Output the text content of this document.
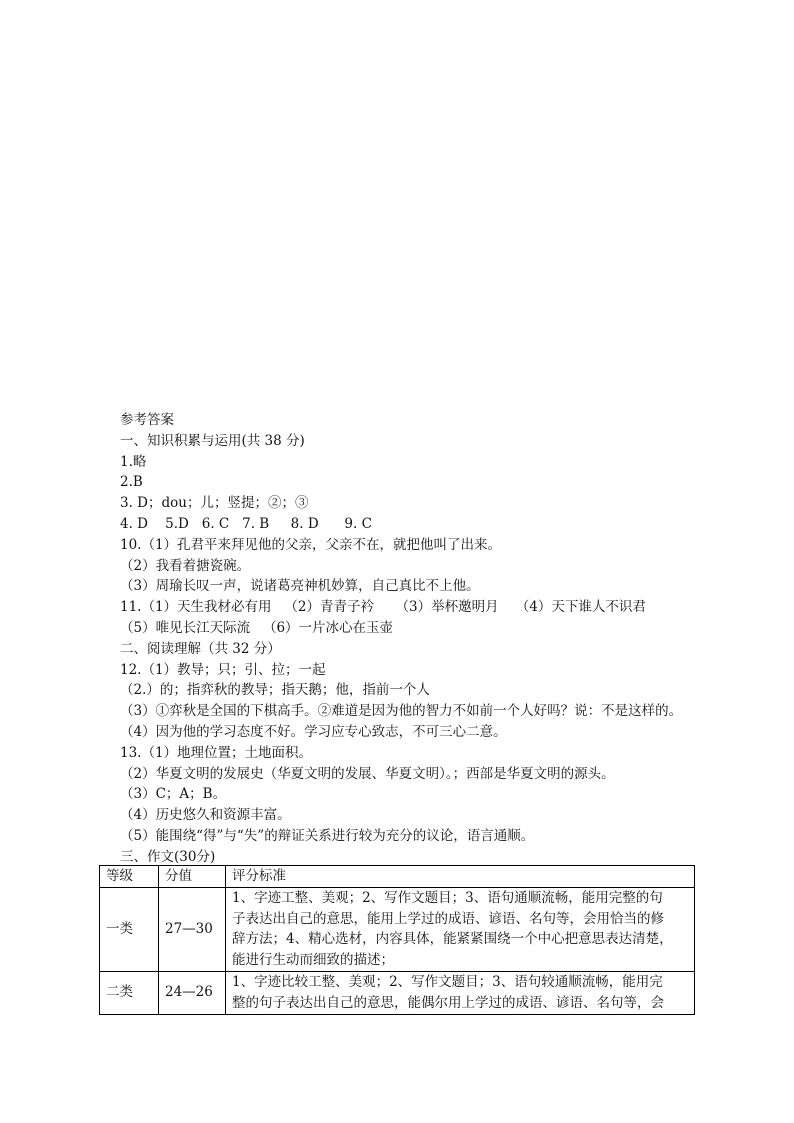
参考答案
一、知识积累与运用(共 38 分)
1.略
2.B
3. D；dou；儿；竖提；②；③
4. D    5.D   6. C   7. B     8. D      9. C
10.（1）孔君平来拜见他的父亲，父亲不在，就把他叫了出来。
（2）我看着搪瓷碗。
（3）周瑜长叹一声，说诸葛亮神机妙算，自己真比不上他。
11.（1）天生我材必有用   （2）青青子衿     （3）举杯邀明月    （4）天下谁人不识君
（5）唯见长江天际流   （6）一片冰心在玉壶
二、阅读理解（共 32 分）
12.（1）教导；只；引、拉；一起
（2.）的；指弈秋的教导；指天鹅；他，指前一个人
（3）①弈秋是全国的下棋高手。②难道是因为他的智力不如前一个人好吗？说：不是这样的。
（4）因为他的学习态度不好。学习应专心致志，不可三心二意。
13.（1）地理位置；土地面积。
（2）华夏文明的发展史（华夏文明的发展、华夏文明）。；西部是华夏文明的源头。
（3）C；A；B。
（4）历史悠久和资源丰富。
（5）能围绕“得”与“失”的辩证关系进行较为充分的议论，语言通顺。
三、作文(30分)
等级	分值	评分标准
一类	27—30	1、字迹工整、美观；2、写作文题目；3、语句通顺流畅，能用完整的句
子表达出自己的意思，能用上学过的成语、谚语、名句等，会用恰当的修
辞方法；4、精心选材，内容具体，能紧紧围绕一个中心把意思表达清楚，
能进行生动而细致的描述；

二类	24—26	1、字迹比较工整、美观；2、写作文题目；3、语句较通顺流畅，能用完
整的句子表达出自己的意思，能偶尔用上学过的成语、谚语、名句等，会
